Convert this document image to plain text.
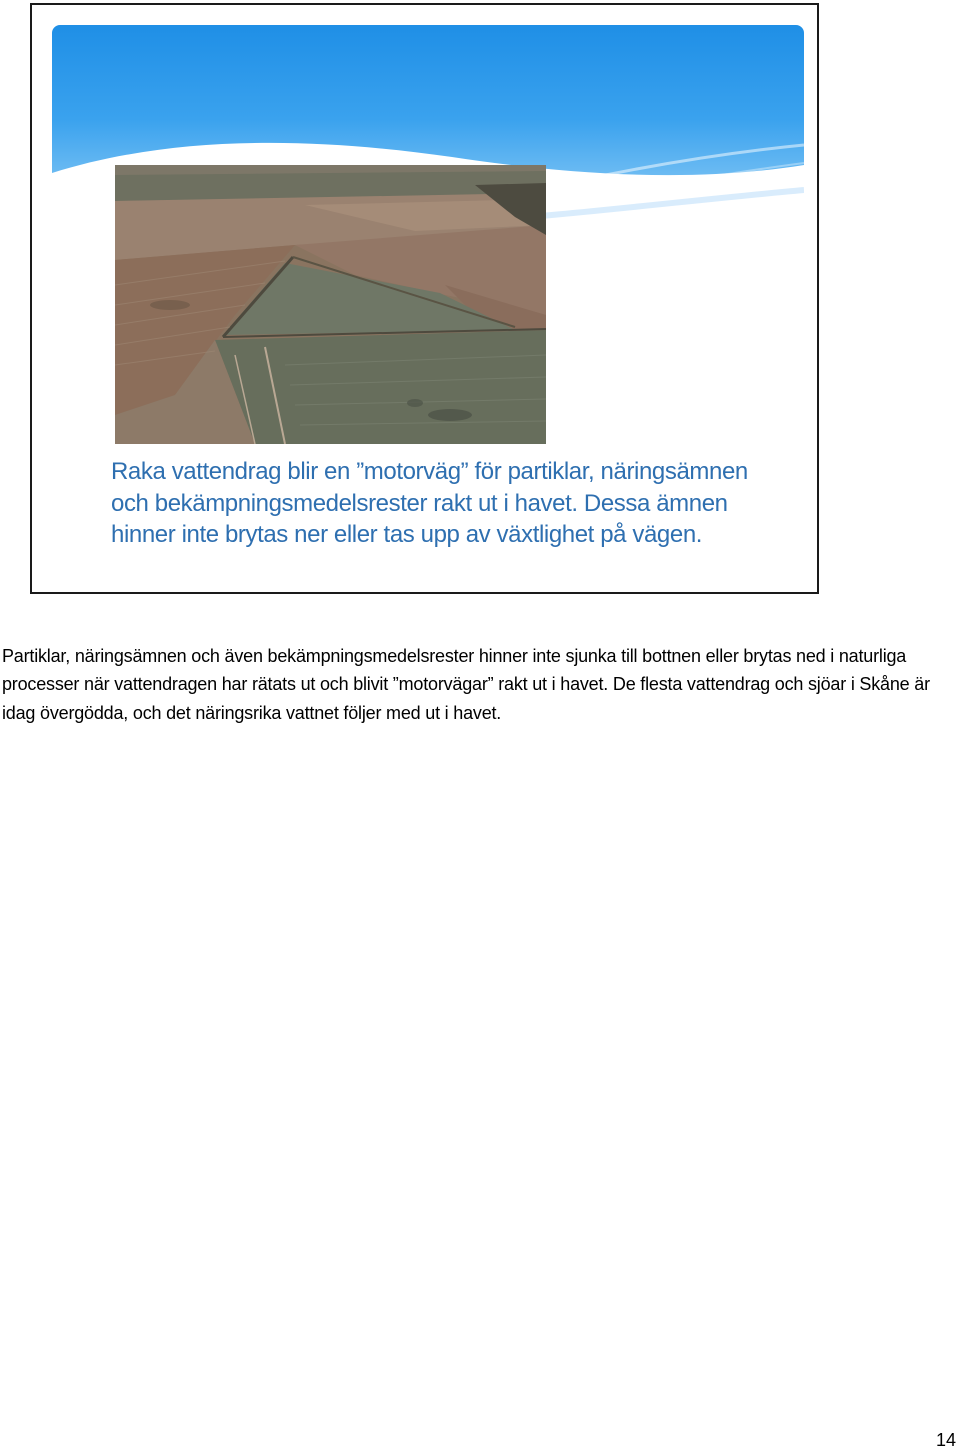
Raka vattendrag blir en ”motorväg” för partiklar, näringsämnen och bekämpningsmedelsrester rakt ut i havet. Dessa ämnen hinner inte brytas ner eller tas upp av växtlighet på vägen.

Partiklar, näringsämnen och även bekämpningsmedelsrester hinner inte sjunka till bottnen eller brytas ned i naturliga processer när vattendragen har rätats ut och blivit ”motorvägar” rakt ut i havet. De flesta vattendrag och sjöar i Skåne är idag övergödda, och det näringsrika vattnet följer med ut i havet.

14
